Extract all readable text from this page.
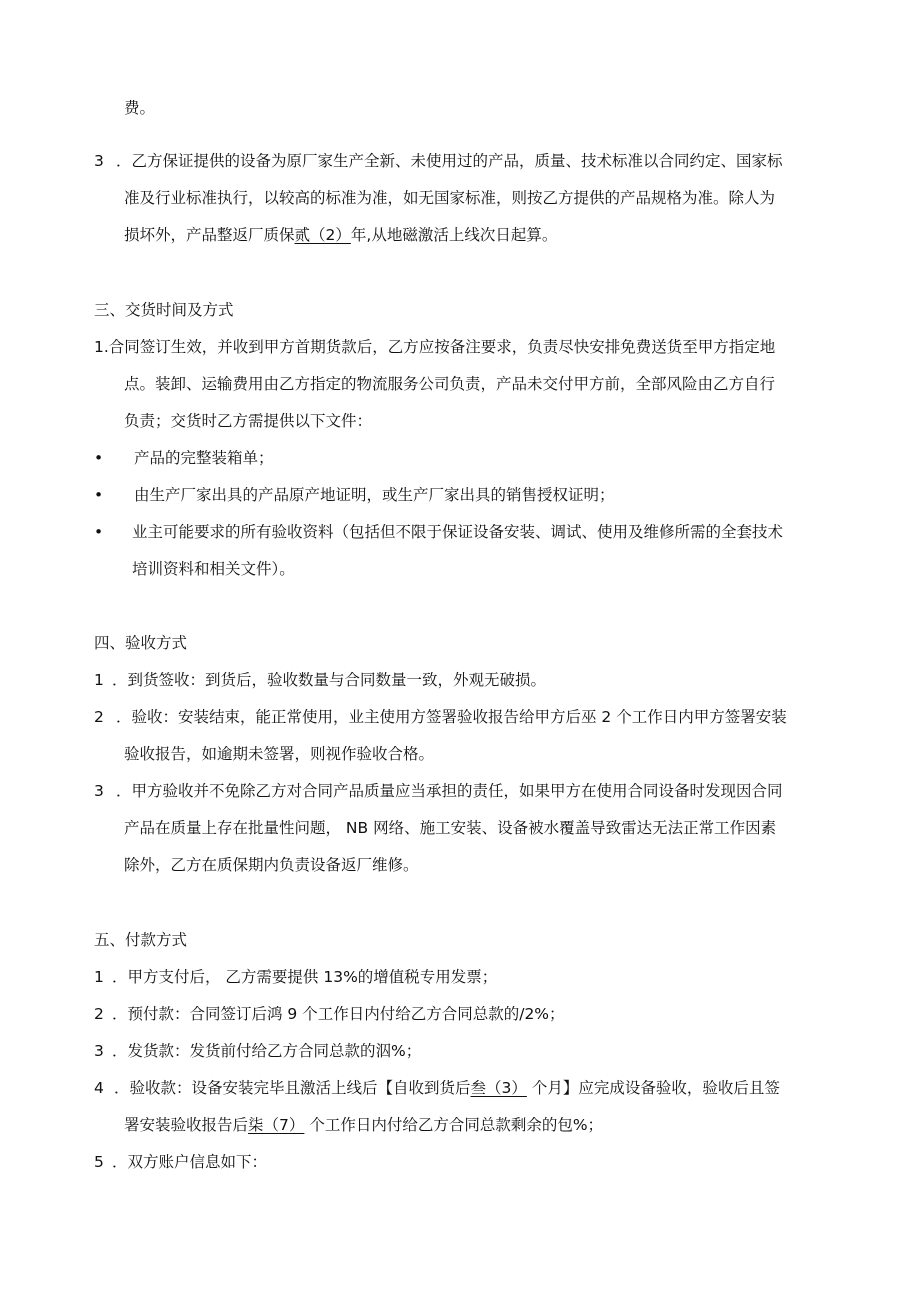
费。
3 ．乙方保证提供的设备为原厂家生产全新、未使用过的产品，质量、技术标准以合同约定、国家标
准及行业标准执行，以较高的标准为准，如无国家标准，则按乙方提供的产品规格为准。除人为
损坏外，产品整返厂质保贰（2）年,从地磁激活上线次日起算。
三、交货时间及方式
1.合同签订生效，并收到甲方首期货款后，乙方应按备注要求，负责尽快安排免费送货至甲方指定地
点。装卸、运输费用由乙方指定的物流服务公司负责，产品未交付甲方前，全部风险由乙方自行
负责；交货时乙方需提供以下文件：
• 产品的完整装箱单；
• 由生产厂家出具的产品原产地证明，或生产厂家出具的销售授权证明；
• 业主可能要求的所有验收资料（包括但不限于保证设备安装、调试、使用及维修所需的全套技术
培训资料和相关文件）。
四、验收方式
1 ．到货签收：到货后，验收数量与合同数量一致，外观无破损。
2 ．验收：安装结束，能正常使用，业主使用方签署验收报告给甲方后巫 2 个工作日内甲方签署安装
验收报告，如逾期未签署，则视作验收合格。
3 ．甲方验收并不免除乙方对合同产品质量应当承担的责任，如果甲方在使用合同设备时发现因合同
产品在质量上存在批量性问题， NB 网络、施工安装、设备被水覆盖导致雷达无法正常工作因素
除外，乙方在质保期内负责设备返厂维修。
五、付款方式
1 ．甲方支付后， 乙方需要提供 13%的增值税专用发票；
2 ．预付款：合同签订后鸿 9 个工作日内付给乙方合同总款的/2%；
3 ．发货款：发货前付给乙方合同总款的泅%；
4 ．验收款：设备安装完毕且激活上线后【自收到货后叁（3） 个月】应完成设备验收，验收后且签
署安装验收报告后柒（7） 个工作日内付给乙方合同总款剩余的包%；
5 ．双方账户信息如下：
